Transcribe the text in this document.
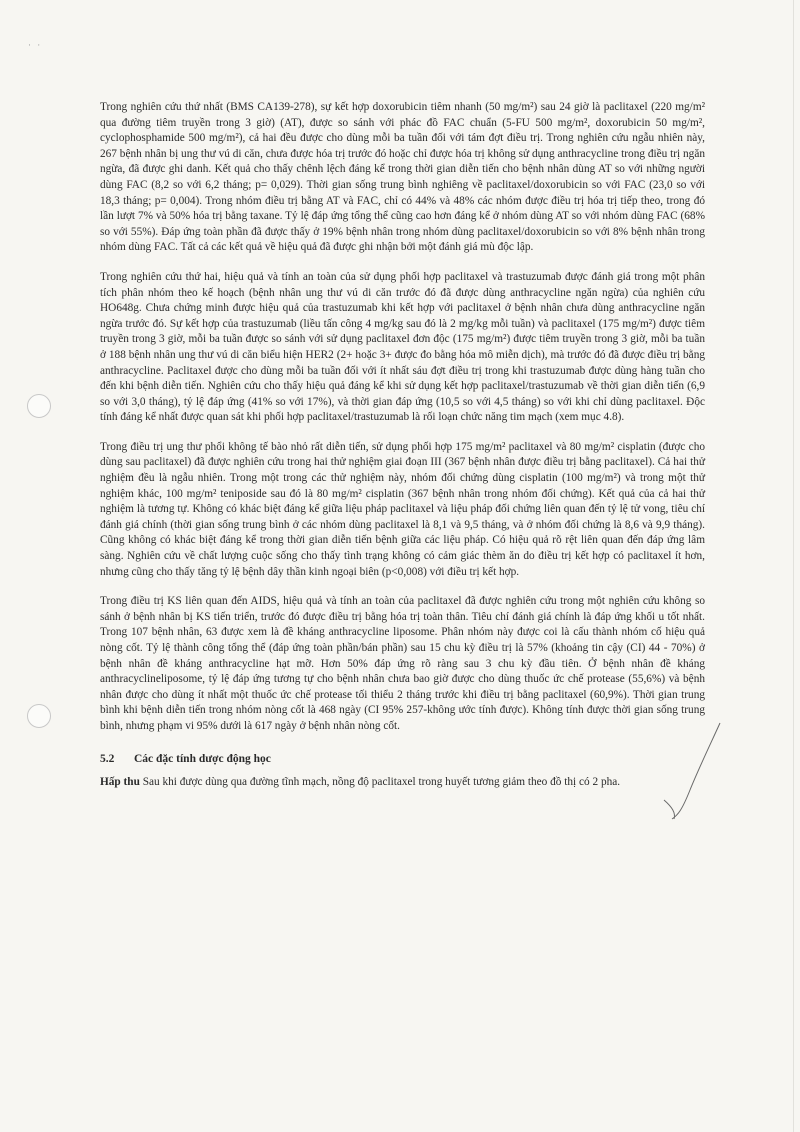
· ·

Trong nghiên cứu thứ nhất (BMS CA139-278), sự kết hợp doxorubicin tiêm nhanh (50 mg/m²) sau 24 giờ là paclitaxel (220 mg/m² qua đường tiêm truyền trong 3 giờ) (AT), được so sánh với phác đồ FAC chuẩn (5-FU 500 mg/m², doxorubicin 50 mg/m², cyclophosphamide 500 mg/m²), cả hai đều được cho dùng mỗi ba tuần đối với tám đợt điều trị. Trong nghiên cứu ngẫu nhiên này, 267 bệnh nhân bị ung thư vú di căn, chưa được hóa trị trước đó hoặc chỉ được hóa trị không sử dụng anthracycline trong điều trị ngăn ngừa, đã được ghi danh. Kết quả cho thấy chênh lệch đáng kể trong thời gian diễn tiến cho bệnh nhân dùng AT so với những người dùng FAC (8,2 so với 6,2 tháng; p= 0,029). Thời gian sống trung bình nghiêng về paclitaxel/doxorubicin so với FAC (23,0 so với 18,3 tháng; p= 0,004). Trong nhóm điều trị bằng AT và FAC, chỉ có 44% và 48% các nhóm được điều trị hóa trị tiếp theo, trong đó lần lượt 7% và 50% hóa trị bằng taxane. Tỷ lệ đáp ứng tổng thể cũng cao hơn đáng kể ở nhóm dùng AT so với nhóm dùng FAC (68% so với 55%). Đáp ứng toàn phần đã được thấy ở 19% bệnh nhân trong nhóm dùng paclitaxel/doxorubicin so với 8% bệnh nhân trong nhóm dùng FAC. Tất cả các kết quả về hiệu quả đã được ghi nhận bởi một đánh giá mù độc lập.

Trong nghiên cứu thứ hai, hiệu quả và tính an toàn của sử dụng phối hợp paclitaxel và trastuzumab được đánh giá trong một phân tích phân nhóm theo kế hoạch (bệnh nhân ung thư vú di căn trước đó đã được dùng anthracycline ngăn ngừa) của nghiên cứu HO648g. Chưa chứng minh được hiệu quả của trastuzumab khi kết hợp với paclitaxel ở bệnh nhân chưa dùng anthracycline ngăn ngừa trước đó. Sự kết hợp của trastuzumab (liều tấn công 4 mg/kg sau đó là 2 mg/kg mỗi tuần) và paclitaxel (175 mg/m²) được tiêm truyền trong 3 giờ, mỗi ba tuần được so sánh với sử dụng paclitaxel đơn độc (175 mg/m²) được tiêm truyền trong 3 giờ, mỗi ba tuần ở 188 bệnh nhân ung thư vú di căn biểu hiện HER2 (2+ hoặc 3+ được đo bằng hóa mô miễn dịch), mà trước đó đã được điều trị bằng anthracycline. Paclitaxel được cho dùng mỗi ba tuần đối với ít nhất sáu đợt điều trị trong khi trastuzumab được dùng hàng tuần cho đến khi bệnh diễn tiến. Nghiên cứu cho thấy hiệu quả đáng kể khi sử dụng kết hợp paclitaxel/trastuzumab về thời gian diễn tiến (6,9 so với 3,0 tháng), tỷ lệ đáp ứng (41% so với 17%), và thời gian đáp ứng (10,5 so với 4,5 tháng) so với khi chỉ dùng paclitaxel. Độc tính đáng kể nhất được quan sát khi phối hợp paclitaxel/trastuzumab là rối loạn chức năng tim mạch (xem mục 4.8).

Trong điều trị ung thư phổi không tế bào nhỏ rất diễn tiến, sử dụng phối hợp 175 mg/m² paclitaxel và 80 mg/m² cisplatin (được cho dùng sau paclitaxel) đã được nghiên cứu trong hai thử nghiệm giai đoạn III (367 bệnh nhân được điều trị bằng paclitaxel). Cả hai thử nghiệm đều là ngẫu nhiên. Trong một trong các thử nghiệm này, nhóm đối chứng dùng cisplatin (100 mg/m²) và trong một thử nghiệm khác, 100 mg/m² teniposide sau đó là 80 mg/m² cisplatin (367 bệnh nhân trong nhóm đối chứng). Kết quả của cả hai thử nghiệm là tương tự. Không có khác biệt đáng kể giữa liệu pháp paclitaxel và liệu pháp đối chứng liên quan đến tỷ lệ tử vong, tiêu chí đánh giá chính (thời gian sống trung bình ở các nhóm dùng paclitaxel là 8,1 và 9,5 tháng, và ở nhóm đối chứng là 8,6 và 9,9 tháng). Cũng không có khác biệt đáng kể trong thời gian diễn tiến bệnh giữa các liệu pháp. Có hiệu quả rõ rệt liên quan đến đáp ứng lâm sàng. Nghiên cứu về chất lượng cuộc sống cho thấy tình trạng không có cảm giác thèm ăn do điều trị kết hợp có paclitaxel ít hơn, nhưng cũng cho thấy tăng tỷ lệ bệnh dây thần kinh ngoại biên (p<0,008) với điều trị kết hợp.

Trong điều trị KS liên quan đến AIDS, hiệu quả và tính an toàn của paclitaxel đã được nghiên cứu trong một nghiên cứu không so sánh ở bệnh nhân bị KS tiến triển, trước đó được điều trị bằng hóa trị toàn thân. Tiêu chí đánh giá chính là đáp ứng khối u tốt nhất. Trong 107 bệnh nhân, 63 được xem là đề kháng anthracycline liposome. Phân nhóm này được coi là cấu thành nhóm cố hiệu quả nòng cốt. Tỷ lệ thành công tổng thể (đáp ứng toàn phần/bán phần) sau 15 chu kỳ điều trị là 57% (khoảng tin cậy (CI) 44 - 70%) ở bệnh nhân đề kháng anthracycline hạt mỡ. Hơn 50% đáp ứng rõ ràng sau 3 chu kỳ đầu tiên. Ở bệnh nhân đề kháng anthracyclineliposome, tỷ lệ đáp ứng tương tự cho bệnh nhân chưa bao giờ được cho dùng thuốc ức chế protease (55,6%) và bệnh nhân được cho dùng ít nhất một thuốc ức chế protease tối thiểu 2 tháng trước khi điều trị bằng paclitaxel (60,9%). Thời gian trung bình khi bệnh diễn tiến trong nhóm nòng cốt là 468 ngày (CI 95% 257-không ước tính được). Không tính được thời gian sống trung bình, nhưng phạm vi 95% dưới là 617 ngày ở bệnh nhân nòng cốt.

5.2 Các đặc tính dược động học

Hấp thu Sau khi được dùng qua đường tĩnh mạch, nồng độ paclitaxel trong huyết tương giảm theo đồ thị có 2 pha.
